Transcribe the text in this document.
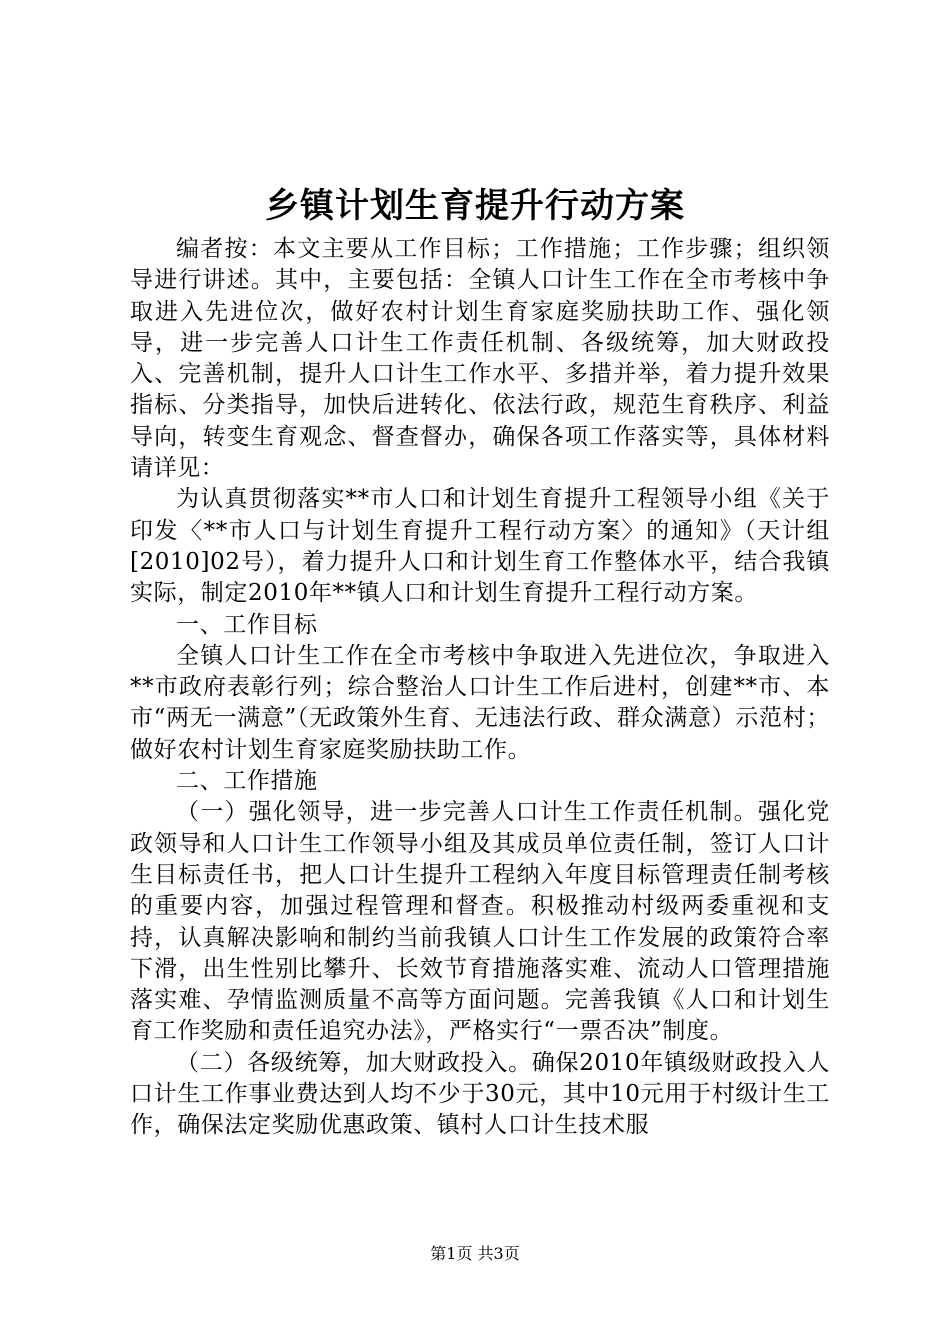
乡镇计划生育提升行动方案

编者按：本文主要从工作目标；工作措施；工作步骤；组织领导进行讲述。其中，主要包括：全镇人口计生工作在全市考核中争取进入先进位次，做好农村计划生育家庭奖励扶助工作、强化领导，进一步完善人口计生工作责任机制、各级统筹，加大财政投入、完善机制，提升人口计生工作水平、多措并举，着力提升效果指标、分类指导，加快后进转化、依法行政，规范生育秩序、利益导向，转变生育观念、督查督办，确保各项工作落实等，具体材料请详见：

为认真贯彻落实**市人口和计划生育提升工程领导小组《关于印发〈**市人口与计划生育提升工程行动方案〉的通知》（天计组[2010]02号），着力提升人口和计划生育工作整体水平，结合我镇实际，制定2010年**镇人口和计划生育提升工程行动方案。

一、工作目标

全镇人口计生工作在全市考核中争取进入先进位次，争取进入**市政府表彰行列；综合整治人口计生工作后进村，创建**市、本市“两无一满意”（无政策外生育、无违法行政、群众满意）示范村；做好农村计划生育家庭奖励扶助工作。

二、工作措施

（一）强化领导，进一步完善人口计生工作责任机制。强化党政领导和人口计生工作领导小组及其成员单位责任制，签订人口计生目标责任书，把人口计生提升工程纳入年度目标管理责任制考核的重要内容，加强过程管理和督查。积极推动村级两委重视和支持，认真解决影响和制约当前我镇人口计生工作发展的政策符合率下滑，出生性别比攀升、长效节育措施落实难、流动人口管理措施落实难、孕情监测质量不高等方面问题。完善我镇《人口和计划生育工作奖励和责任追究办法》，严格实行“一票否决”制度。

（二）各级统筹，加大财政投入。确保2010年镇级财政投入人口计生工作事业费达到人均不少于30元，其中10元用于村级计生工作，确保法定奖励优惠政策、镇村人口计生技术服

第1页 共3页
